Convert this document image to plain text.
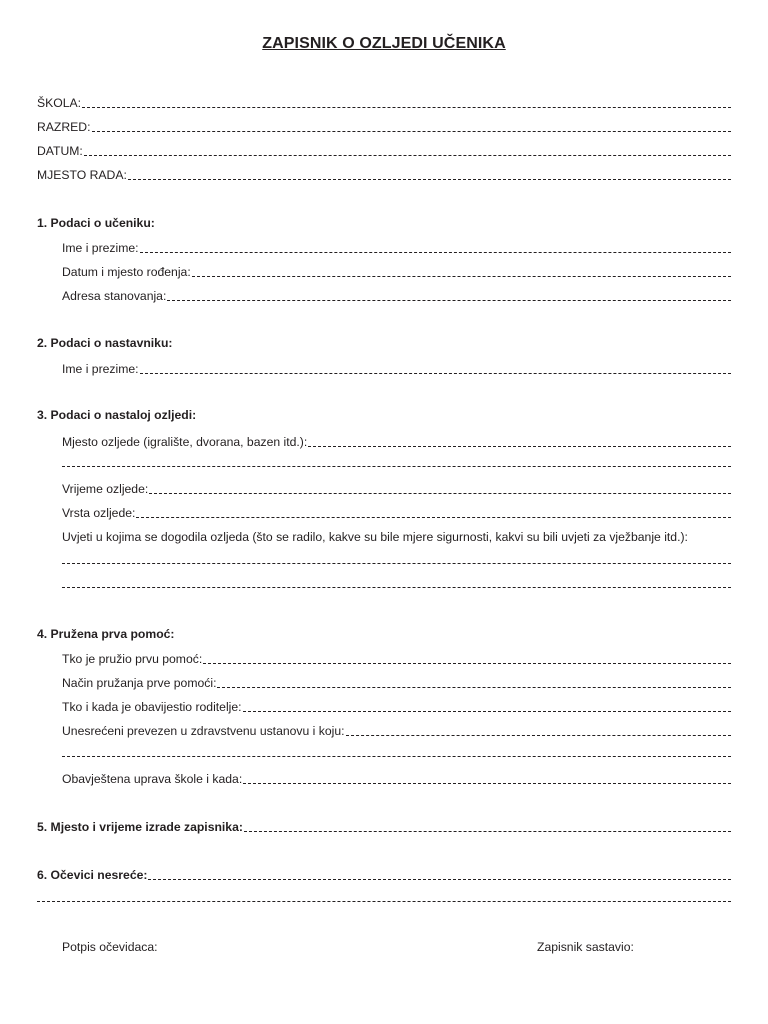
ZAPISNIK O OZLJEDI UČENIKA
ŠKOLA:
RAZRED:
DATUM:
MJESTO RADA:
1. Podaci o učeniku:
Ime i prezime:
Datum i mjesto rođenja:
Adresa stanovanja:
2. Podaci o nastavniku:
Ime i prezime:
3. Podaci o nastaloj ozljedi:
Mjesto ozljede (igralište, dvorana, bazen itd.):
Vrijeme ozljede:
Vrsta ozljede:
Uvjeti u kojima se dogodila ozljeda (što se radilo, kakve su bile mjere sigurnosti, kakvi su bili uvjeti za vježbanje itd.):
4. Pružena prva pomoć:
Tko je pružio prvu pomoć:
Način pružanja prve pomoći:
Tko i kada je obavijestio roditelje:
Unesrećeni prevezen u zdravstvenu ustanovu i koju:
Obavještena uprava škole i kada:
5. Mjesto i vrijeme izrade zapisnika:
6. Očevici nesreće:
Potpis očevidaca:	Zapisnik sastavio:
